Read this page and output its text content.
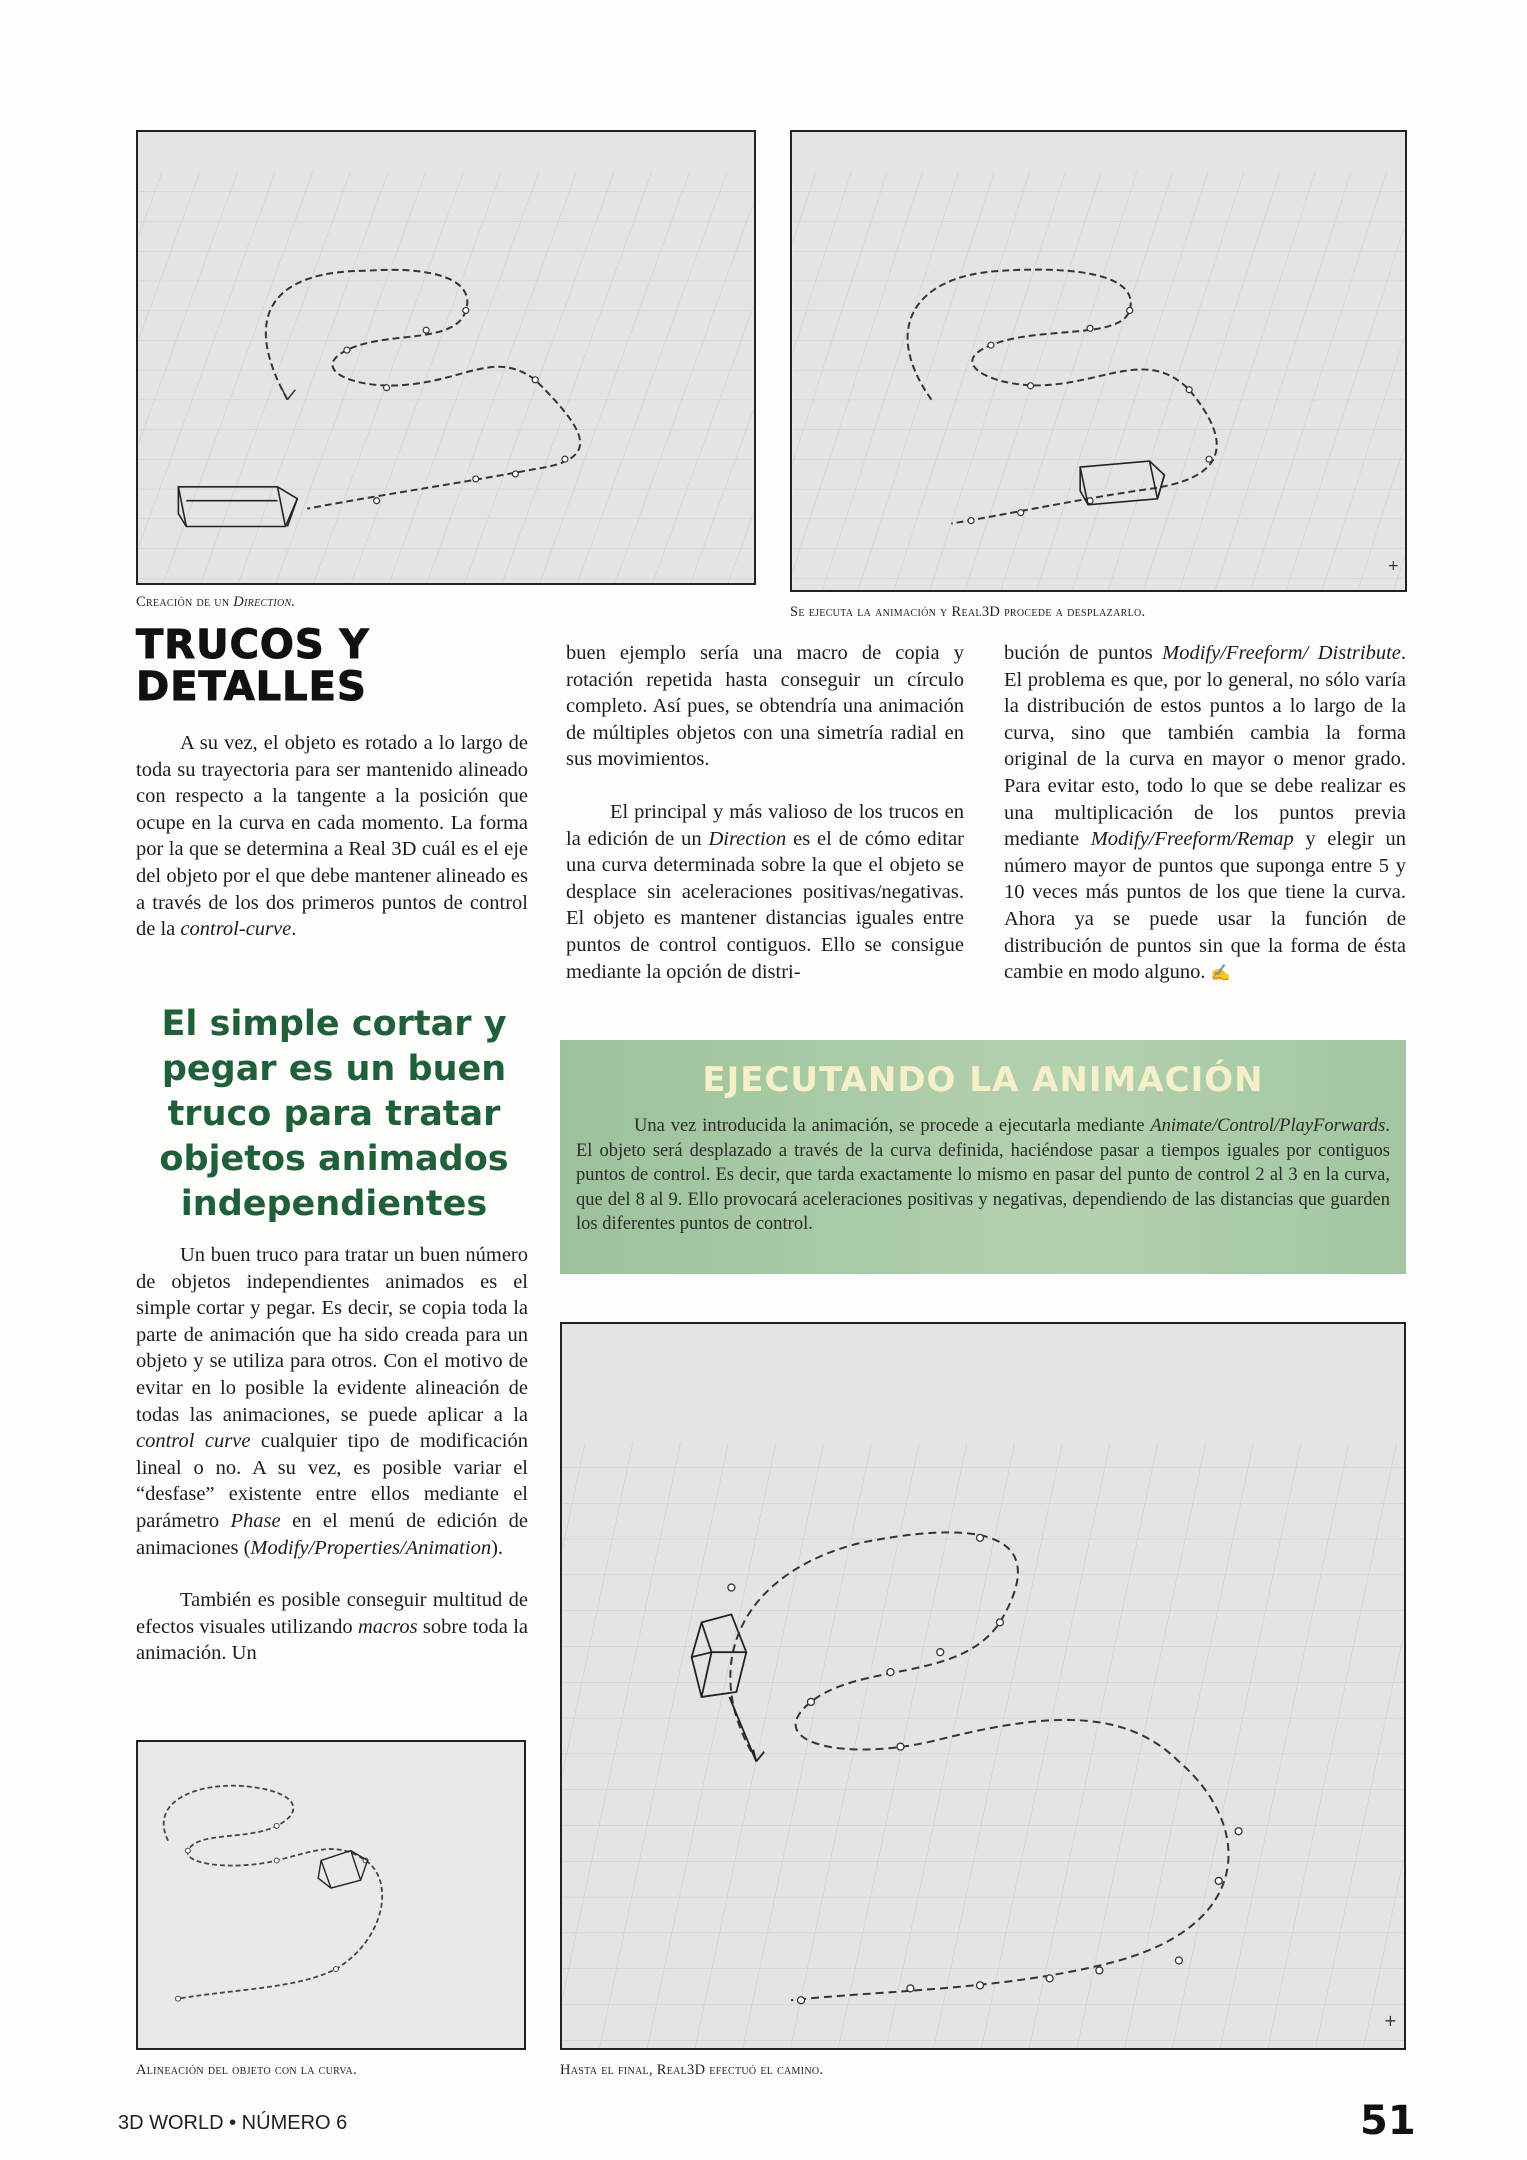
Creación de un Direction.
+
Se ejecuta la animación y Real3D procede a desplazarlo.
TRUCOS Y
DETALLES

A su vez, el objeto es rotado a lo largo de toda su trayectoria para ser mantenido alineado con respecto a la tangente a la posición que ocupe en la curva en cada momento. La forma por la que se determina a Real 3D cuál es el eje del objeto por el que debe mantener alineado es a través de los dos primeros puntos de control de la control-curve.

El simple cortar y
pegar es un buen
truco para tratar
objetos animados
independientes

Un buen truco para tratar un buen número de objetos independientes animados es el simple cortar y pegar. Es decir, se copia toda la parte de animación que ha sido creada para un objeto y se utiliza para otros. Con el motivo de evitar en lo posible la evidente alineación de todas las animaciones, se puede aplicar a la control curve cualquier tipo de modificación lineal o no. A su vez, es posible variar el “desfase” existente entre ellos mediante el parámetro Phase en el menú de edición de animaciones (Modify/Properties/Animation).

También es posible conseguir multitud de efectos visuales utilizando macros sobre toda la animación. Un

buen ejemplo sería una macro de copia y rotación repetida hasta conseguir un círculo completo. Así pues, se obtendría una animación de múltiples objetos con una simetría radial en sus movimientos.

El principal y más valioso de los trucos en la edición de un Direction es el de cómo editar una curva determinada sobre la que el objeto se desplace sin aceleraciones positivas/negativas. El objeto es mantener distancias iguales entre puntos de control contiguos. Ello se consigue mediante la opción de distri-

bución de puntos Modify/Freeform/ Distribute. El problema es que, por lo general, no sólo varía la distribución de estos puntos a lo largo de la curva, sino que también cambia la forma original de la curva en mayor o menor grado. Para evitar esto, todo lo que se debe realizar es una multiplicación de los puntos previa mediante Modify/Freeform/Remap y elegir un número mayor de puntos que suponga entre 5 y 10 veces más puntos de los que tiene la curva. Ahora ya se puede usar la función de distribución de puntos sin que la forma de ésta cambie en modo alguno. ✍

EJECUTANDO LA ANIMACIÓN

Una vez introducida la animación, se procede a ejecutarla mediante Animate/Control/PlayForwards. El objeto será desplazado a través de la curva definida, haciéndose pasar a tiempos iguales por contiguos puntos de control. Es decir, que tarda exactamente lo mismo en pasar del punto de control 2 al 3 en la curva, que del 8 al 9. Ello provocará aceleraciones positivas y negativas, dependiendo de las distancias que guarden los diferentes puntos de control.

+
Hasta el final, Real3D efectuó el camino.
Alineación del objeto con la curva.
3D WORLD • NÚMERO 6	51
